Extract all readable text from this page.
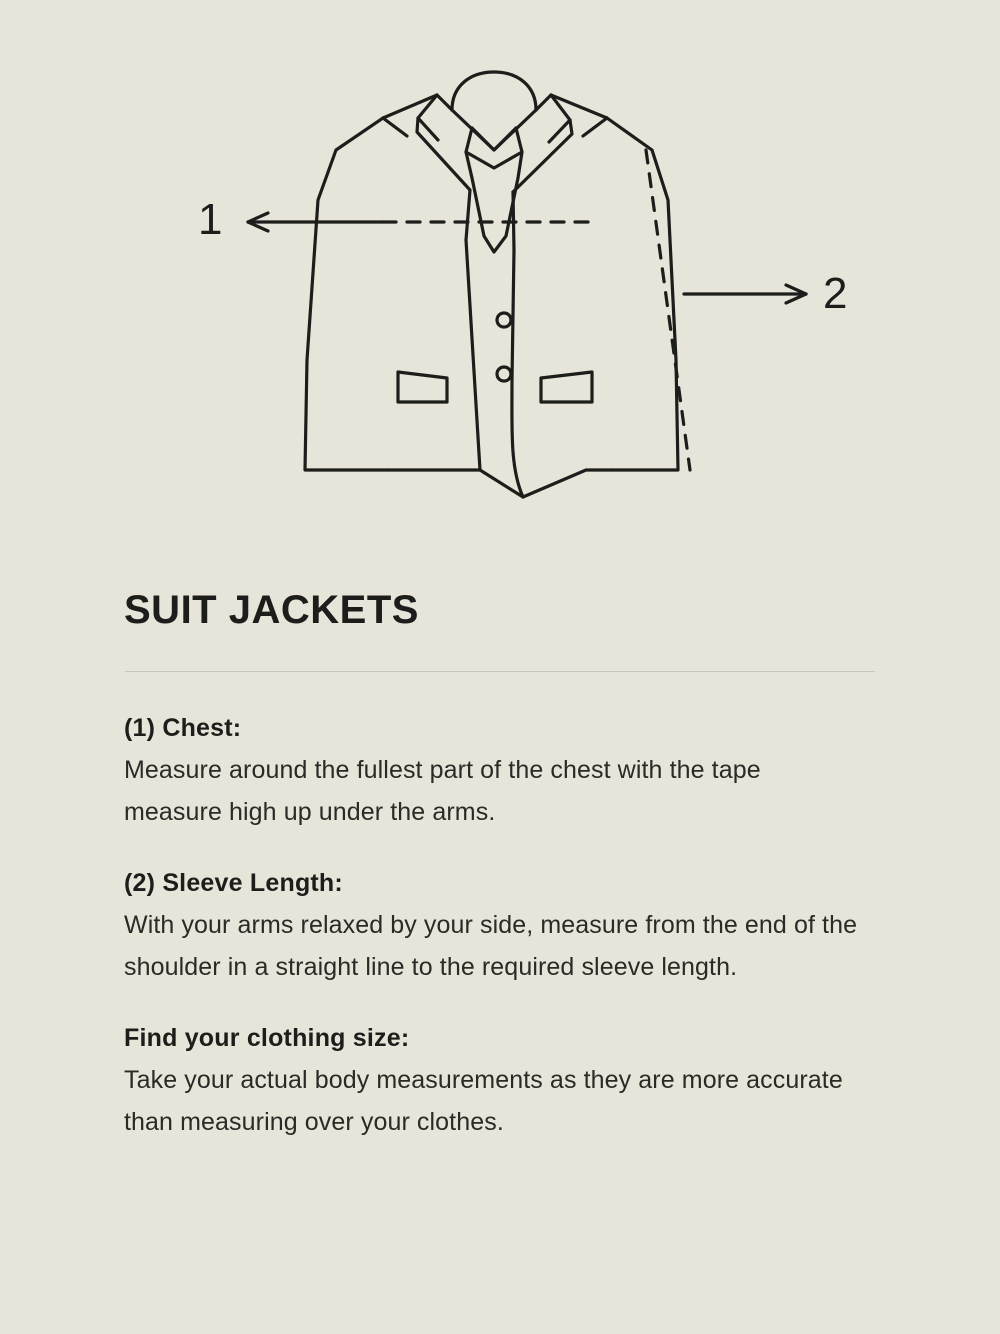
1
2
SUIT JACKETS

(1) Chest:

Measure around the fullest part of the chest with the tape measure high up under the arms.

(2) Sleeve Length:

With your arms relaxed by your side, measure from the end of the shoulder in a straight line to the required sleeve length.

Find your clothing size:

Take your actual body measurements as they are more accurate than measuring over your clothes.
